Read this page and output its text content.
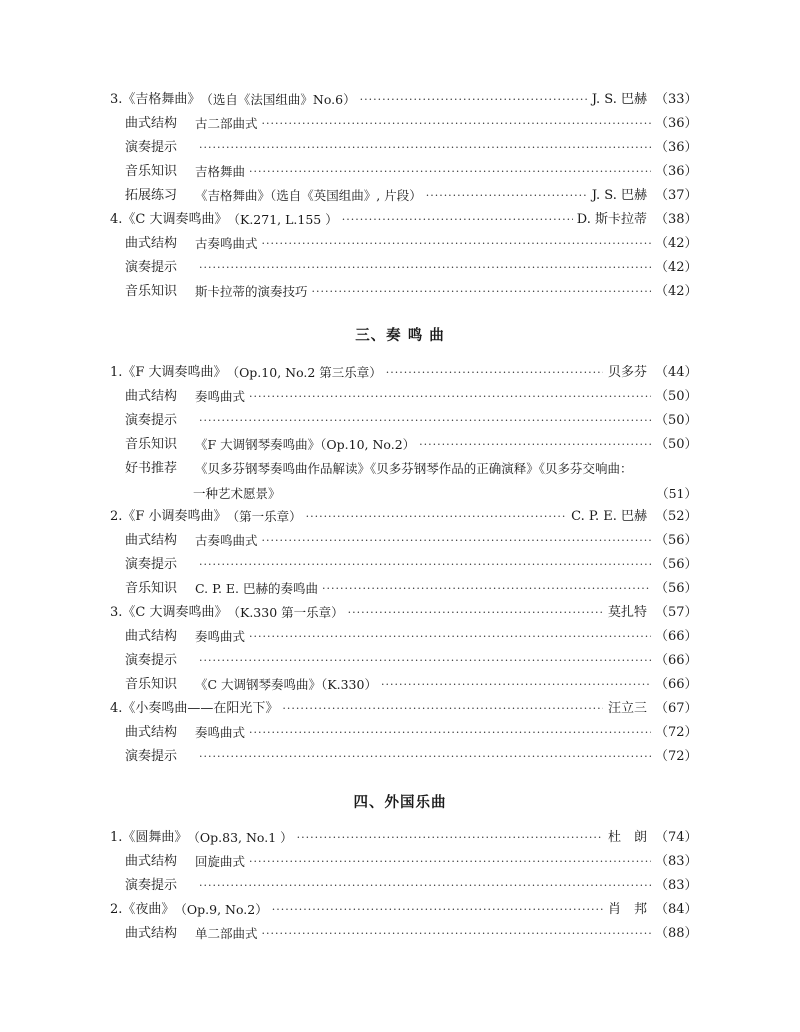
3. 《吉格舞曲》 （选自《法国组曲》No.6） ·····	J. S. 巴赫 （33）
曲式结构	古二部曲式 ·····	（36）
演奏提示 ·····	（36）
音乐知识	吉格舞曲 ·····	（36）
拓展练习	《吉格舞曲》（选自《英国组曲》, 片段） ·····	J. S. 巴赫 （37）
4. 《C 大调奏鸣曲》 （K.271, L.155 ） ·····	D. 斯卡拉蒂 （38）
曲式结构	古奏鸣曲式 ·····	（42）
演奏提示 ·····	（42）
音乐知识	斯卡拉蒂的演奏技巧 ·····	（42）
三、奏 鸣 曲
1. 《F 大调奏鸣曲》 （Op.10, No.2 第三乐章） ·····	贝多芬 （44）
曲式结构	奏鸣曲式 ·····	（50）
演奏提示 ·····	（50）
音乐知识	《F 大调钢琴奏鸣曲》（Op.10, No.2） ·····	（50）
好书推荐	《贝多芬钢琴奏鸣曲作品解读》《贝多芬钢琴作品的正确演释》《贝多芬交响曲：
一种艺术愿景》	（51）
2. 《F 小调奏鸣曲》 （第一乐章） ·····	C. P. E. 巴赫 （52）
曲式结构	古奏鸣曲式 ·····	（56）
演奏提示 ·····	（56）
音乐知识	C. P. E. 巴赫的奏鸣曲 ·····	（56）
3. 《C 大调奏鸣曲》 （K.330 第一乐章） ·····	莫扎特 （57）
曲式结构	奏鸣曲式 ·····	（66）
演奏提示 ·····	（66）
音乐知识	《C 大调钢琴奏鸣曲》（K.330） ·····	（66）
4. 《小奏鸣曲——在阳光下》 ·····	汪立三 （67）
曲式结构	奏鸣曲式 ·····	（72）
演奏提示 ·····	（72）
四、外国乐曲
1. 《圆舞曲》 （Op.83, No.1 ） ·····	杜　朗 （74）
曲式结构	回旋曲式 ·····	（83）
演奏提示 ·····	（83）
2. 《夜曲》 （Op.9, No.2） ·····	肖　邦 （84）
曲式结构	单二部曲式 ·····	（88）
